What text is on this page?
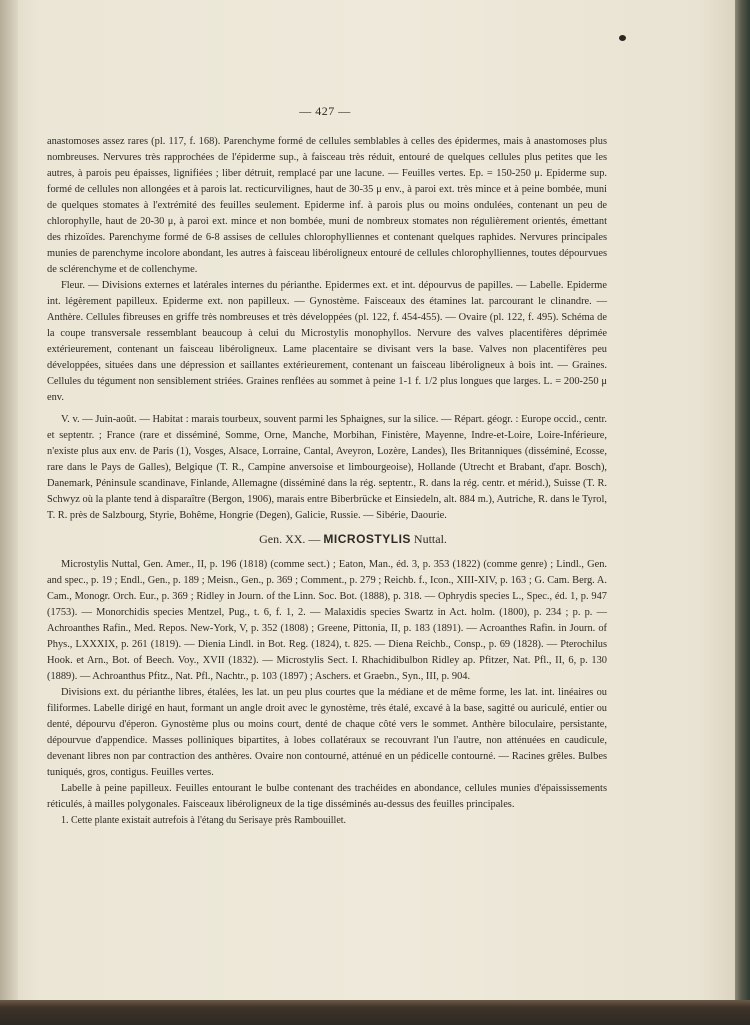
— 427 —

anastomoses assez rares (pl. 117, f. 168). Parenchyme formé de cellules semblables à celles des épidermes, mais à anastomoses plus nombreuses. Nervures très rapprochées de l'épiderme sup., à faisceau très réduit, entouré de quelques cellules plus petites que les autres, à parois peu épaisses, lignifiées ; liber détruit, remplacé par une lacune. — Feuilles vertes. Ep. = 150-250 μ. Epiderme sup. formé de cellules non allongées et à parois lat. recticurvilignes, haut de 30-35 μ env., à paroi ext. très mince et à peine bombée, muni de quelques stomates à l'extrémité des feuilles seulement. Epiderme inf. à parois plus ou moins ondulées, contenant un peu de chlorophylle, haut de 20-30 μ, à paroi ext. mince et non bombée, muni de nombreux stomates non régulièrement orientés, émettant des rhizoïdes. Parenchyme formé de 6-8 assises de cellules chlorophylliennes et contenant quelques raphides. Nervures principales munies de parenchyme incolore abondant, les autres à faisceau libéroligneux entouré de cellules chlorophylliennes, toutes dépourvues de sclérenchyme et de collenchyme.

Fleur. — Divisions externes et latérales internes du périanthe. Epidermes ext. et int. dépourvus de papilles. — Labelle. Epiderme int. légèrement papilleux. Epiderme ext. non papilleux. — Gynostème. Faisceaux des étamines lat. parcourant le clinandre. — Anthère. Cellules fibreuses en griffe très nombreuses et très développées (pl. 122, f. 454-455). — Ovaire (pl. 122, f. 495). Schéma de la coupe transversale ressemblant beaucoup à celui du Microstylis monophyllos. Nervure des valves placentifères déprimée extérieurement, contenant un faisceau libéroligneux. Lame placentaire se divisant vers la base. Valves non placentifères peu développées, situées dans une dépression et saillantes extérieurement, contenant un faisceau libéroligneux à bois int. — Graines. Cellules du tégument non sensiblement striées. Graines renflées au sommet à peine 1-1 f. 1/2 plus longues que larges. L. = 200-250 μ env.

V. v. — Juin-août. — Habitat : marais tourbeux, souvent parmi les Sphaignes, sur la silice. — Répart. géogr. : Europe occid., centr. et septentr. ; France (rare et disséminé, Somme, Orne, Manche, Morbihan, Finistère, Mayenne, Indre-et-Loire, Loire-Inférieure, n'existe plus aux env. de Paris (1), Vosges, Alsace, Lorraine, Cantal, Aveyron, Lozère, Landes), Iles Britanniques (disséminé, Ecosse, rare dans le Pays de Galles), Belgique (T. R., Campine anversoise et limbourgeoise), Hollande (Utrecht et Brabant, d'apr. Bosch), Danemark, Péninsule scandinave, Finlande, Allemagne (disséminé dans la rég. septentr., R. dans la rég. centr. et mérid.), Suisse (T. R. Schwyz où la plante tend à disparaître (Bergon, 1906), marais entre Biberbrücke et Einsiedeln, alt. 884 m.), Autriche, R. dans le Tyrol, T. R. près de Salzbourg, Styrie, Bohême, Hongrie (Degen), Galicie, Russie. — Sibérie, Daourie.

Gen. XX. — MICROSTYLIS Nuttal.

Microstylis Nuttal, Gen. Amer., II, p. 196 (1818) (comme sect.) ; Eaton, Man., éd. 3, p. 353 (1822) (comme genre) ; Lindl., Gen. and spec., p. 19 ; Endl., Gen., p. 189 ; Meisn., Gen., p. 369 ; Comment., p. 279 ; Reichb. f., Icon., XIII-XIV, p. 163 ; G. Cam. Berg. A. Cam., Monogr. Orch. Eur., p. 369 ; Ridley in Journ. of the Linn. Soc. Bot. (1888), p. 318. — Ophrydis species L., Spec., éd. 1, p. 947 (1753). — Monorchidis species Mentzel, Pug., t. 6, f. 1, 2. — Malaxidis species Swartz in Act. holm. (1800), p. 234 ; p. p. — Achroanthes Rafin., Med. Repos. New-York, V, p. 352 (1808) ; Greene, Pittonia, II, p. 183 (1891). — Acroanthes Rafin. in Journ. of Phys., LXXXIX, p. 261 (1819). — Dienia Lindl. in Bot. Reg. (1824), t. 825. — Diena Reichb., Consp., p. 69 (1828). — Pterochilus Hook. et Arn., Bot. of Beech. Voy., XVII (1832). — Microstylis Sect. I. Rhachidibulbon Ridley ap. Pfitzer, Nat. Pfl., II, 6, p. 130 (1889). — Achroanthus Pfitz., Nat. Pfl., Nachtr., p. 103 (1897) ; Aschers. et Graebn., Syn., III, p. 904.

Divisions ext. du périanthe libres, étalées, les lat. un peu plus courtes que la médiane et de même forme, les lat. int. linéaires ou filiformes. Labelle dirigé en haut, formant un angle droit avec le gynostème, très étalé, excavé à la base, sagitté ou auriculé, entier ou denté, dépourvu d'éperon. Gynostème plus ou moins court, denté de chaque côté vers le sommet. Anthère biloculaire, persistante, dépourvue d'appendice. Masses polliniques bipartites, à lobes collatéraux se recouvrant l'un l'autre, non atténuées en caudicule, devenant libres non par contraction des anthères. Ovaire non contourné, atténué en un pédicelle contourné. — Racines grêles. Bulbes tuniqués, gros, contigus. Feuilles vertes.

Labelle à peine papilleux. Feuilles entourant le bulbe contenant des trachéides en abondance, cellules munies d'épaississements réticulés, à mailles polygonales. Faisceaux libéroligneux de la tige disséminés au-dessus des feuilles principales.

1. Cette plante existait autrefois à l'étang du Serisaye près Rambouillet.
